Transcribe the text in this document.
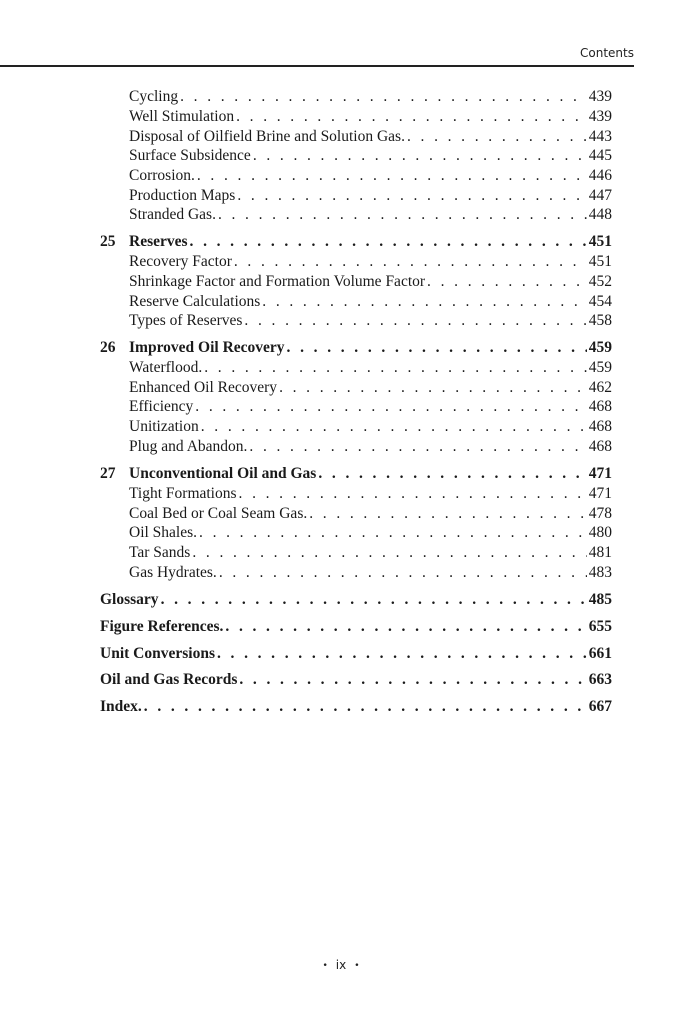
Contents
Cycling . . .	439
Well Stimulation . . .	439
Disposal of Oilfield Brine and Solution Gas. . . .	443
Surface Subsidence . . .	445
Corrosion. . . .	446
Production Maps . . .	447
Stranded Gas. . . .	448
25 Reserves . . .	451
Recovery Factor . . .	451
Shrinkage Factor and Formation Volume Factor . . .	452
Reserve Calculations . . .	454
Types of Reserves . . .	458
26 Improved Oil Recovery . . .	459
Waterflood. . . .	459
Enhanced Oil Recovery . . .	462
Efficiency . . .	468
Unitization . . .	468
Plug and Abandon. . . .	468
27 Unconventional Oil and Gas . . .	471
Tight Formations . . .	471
Coal Bed or Coal Seam Gas. . . .	478
Oil Shales. . . .	480
Tar Sands . . .	481
Gas Hydrates. . . .	483
Glossary . . .	485
Figure References. . . .	655
Unit Conversions . . .	661
Oil and Gas Records . . .	663
Index. . . .	667
• ix •
